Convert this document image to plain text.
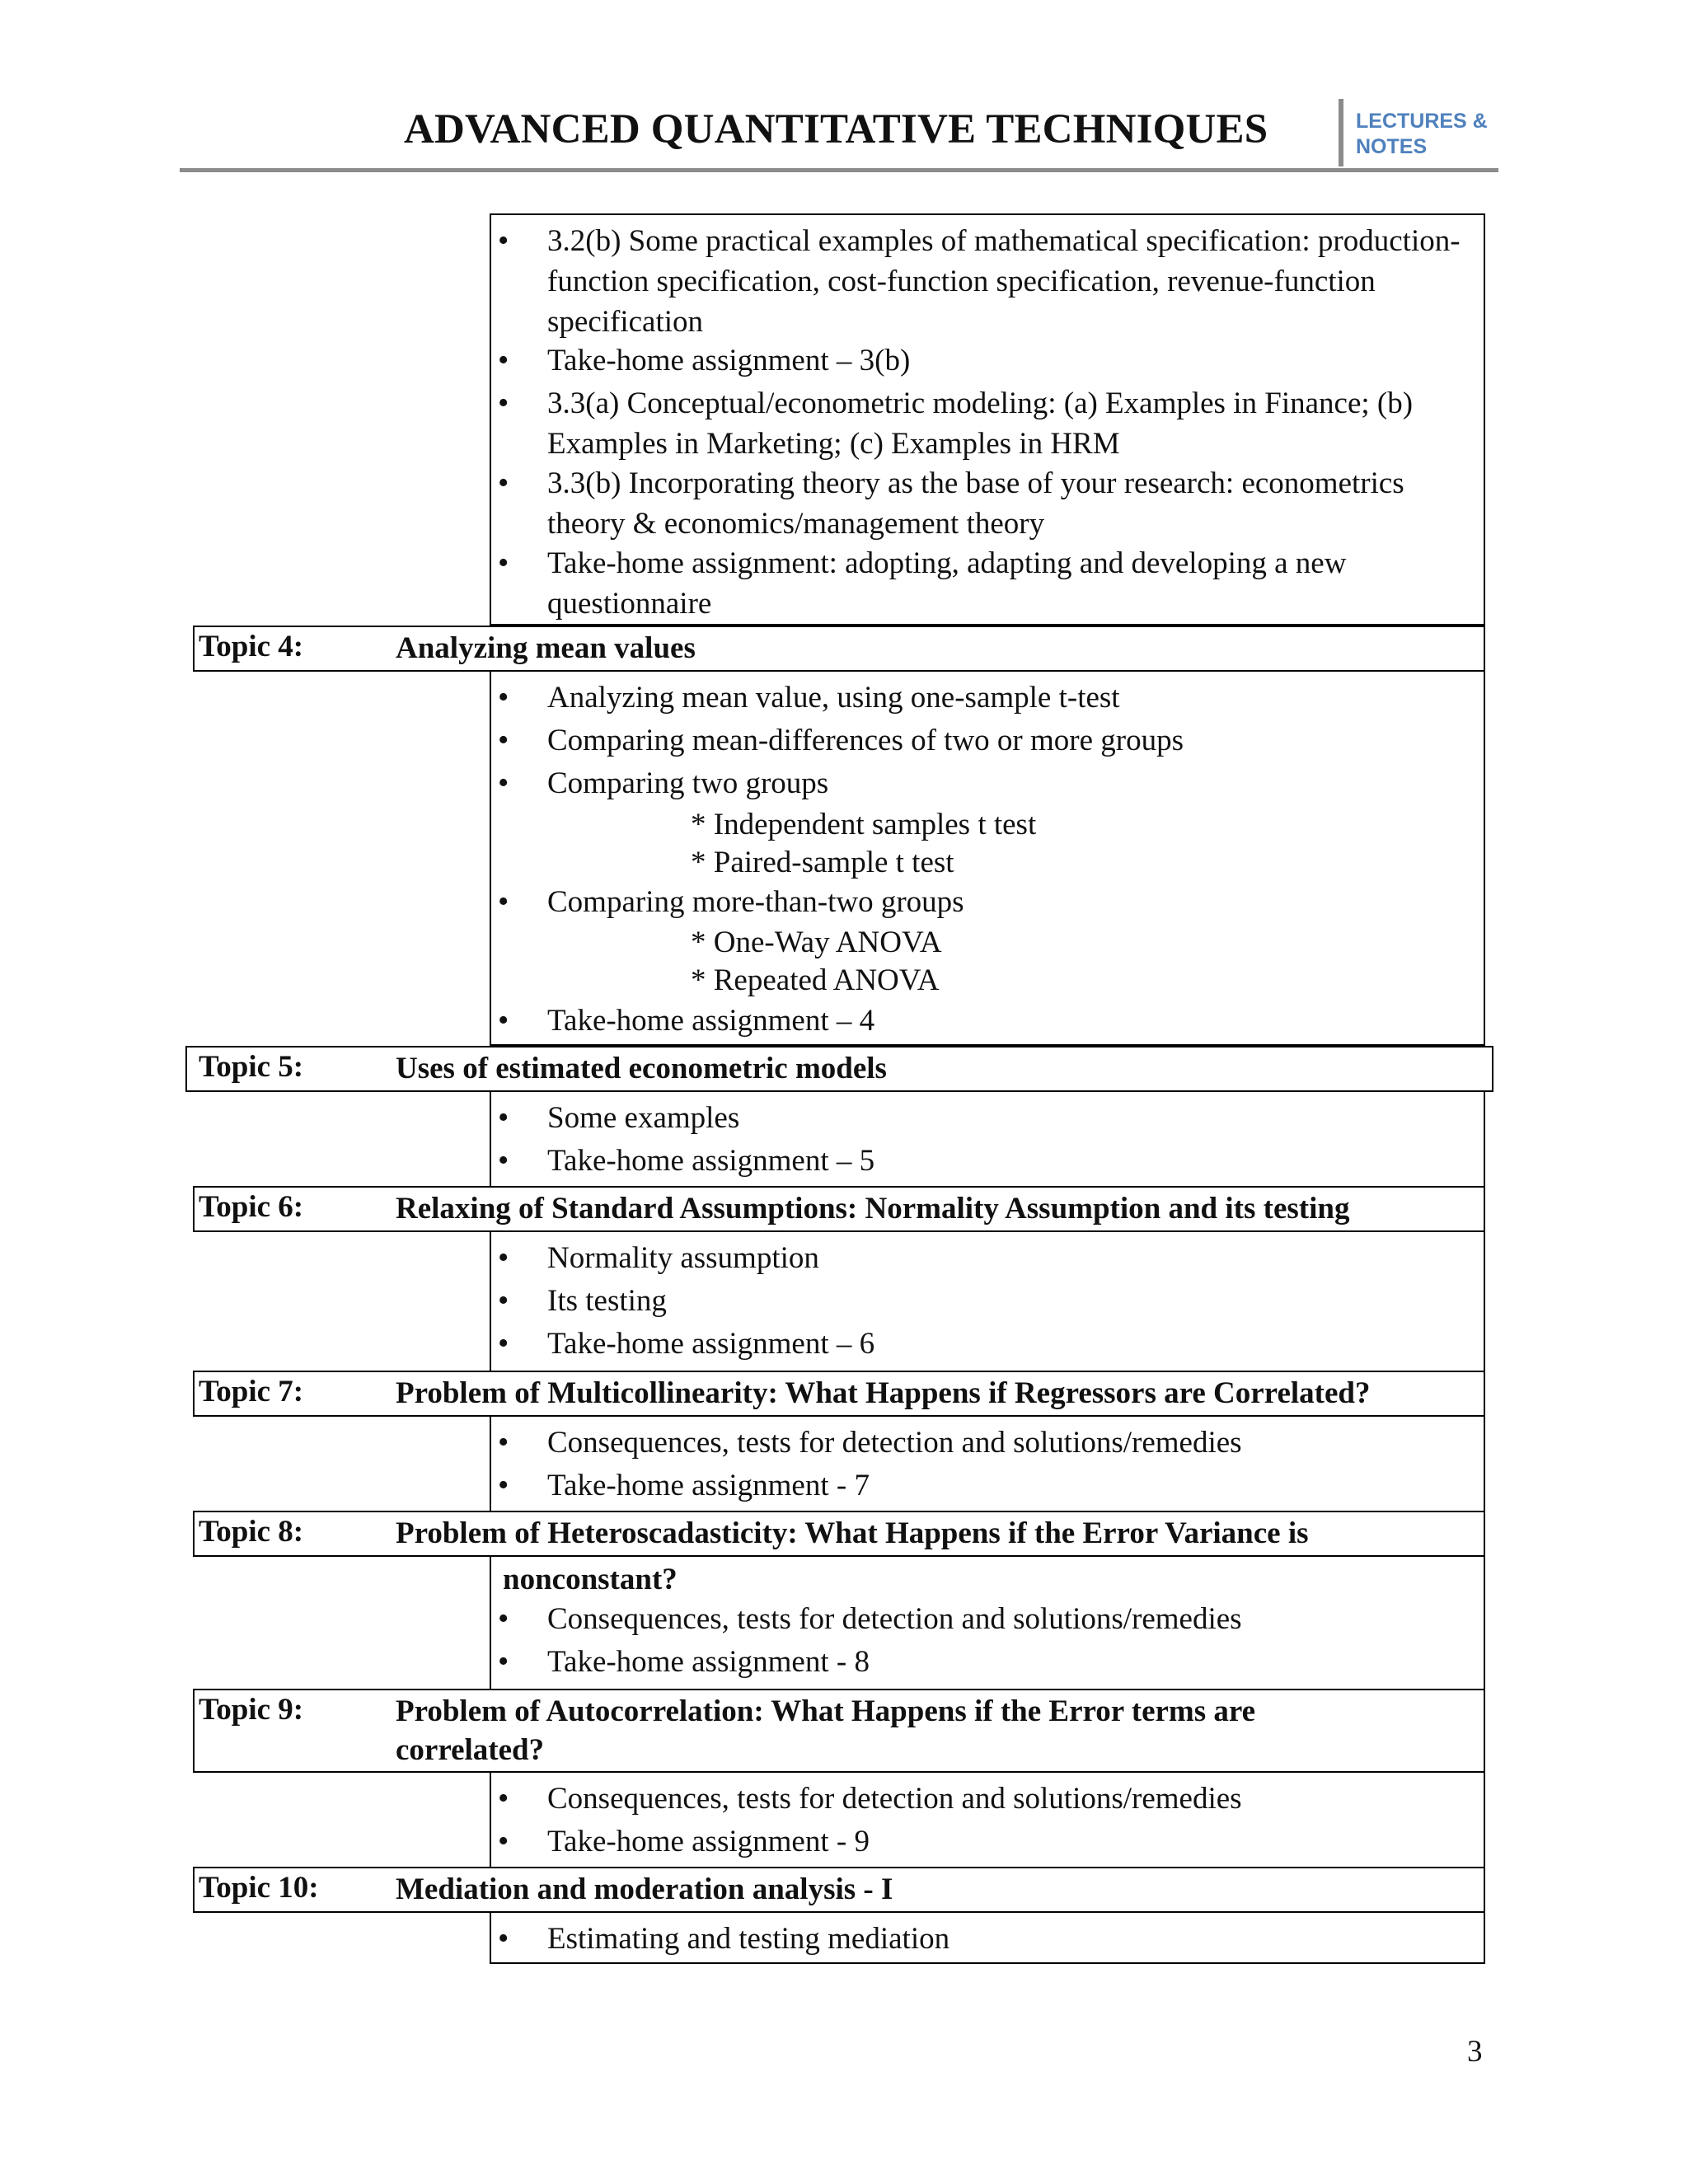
ADVANCED QUANTITATIVE TECHNIQUES	LECTURES &
NOTES
• 3.2(b) Some practical examples of mathematical specification: production-function specification, cost-function specification, revenue-function specification
• Take-home assignment – 3(b)
• 3.3(a) Conceptual/econometric modeling: (a) Examples in Finance; (b) Examples in Marketing; (c) Examples in HRM
• 3.3(b) Incorporating theory as the base of your research: econometrics theory & economics/management theory
• Take-home assignment: adopting, adapting and developing a new questionnaire
Topic 4:	Analyzing mean values
• Analyzing mean value, using one-sample t-test
• Comparing mean-differences of two or more groups
• Comparing two groups
* Independent samples t test
* Paired-sample t test
• Comparing more-than-two groups
* One-Way ANOVA
* Repeated ANOVA
• Take-home assignment – 4
Topic 5:	Uses of estimated econometric models
• Some examples
• Take-home assignment – 5
Topic 6:	Relaxing of Standard Assumptions: Normality Assumption and its testing
• Normality assumption
• Its testing
• Take-home assignment – 6
Topic 7:	Problem of Multicollinearity: What Happens if Regressors are Correlated?
• Consequences, tests for detection and solutions/remedies
• Take-home assignment - 7
Topic 8:	Problem of Heteroscadasticity: What Happens if the Error Variance is
nonconstant?
• Consequences, tests for detection and solutions/remedies
• Take-home assignment - 8
Topic 9:	Problem of Autocorrelation: What Happens if the Error terms are correlated?
• Consequences, tests for detection and solutions/remedies
• Take-home assignment - 9
Topic 10:	Mediation and moderation analysis - I
• Estimating and testing mediation
3
